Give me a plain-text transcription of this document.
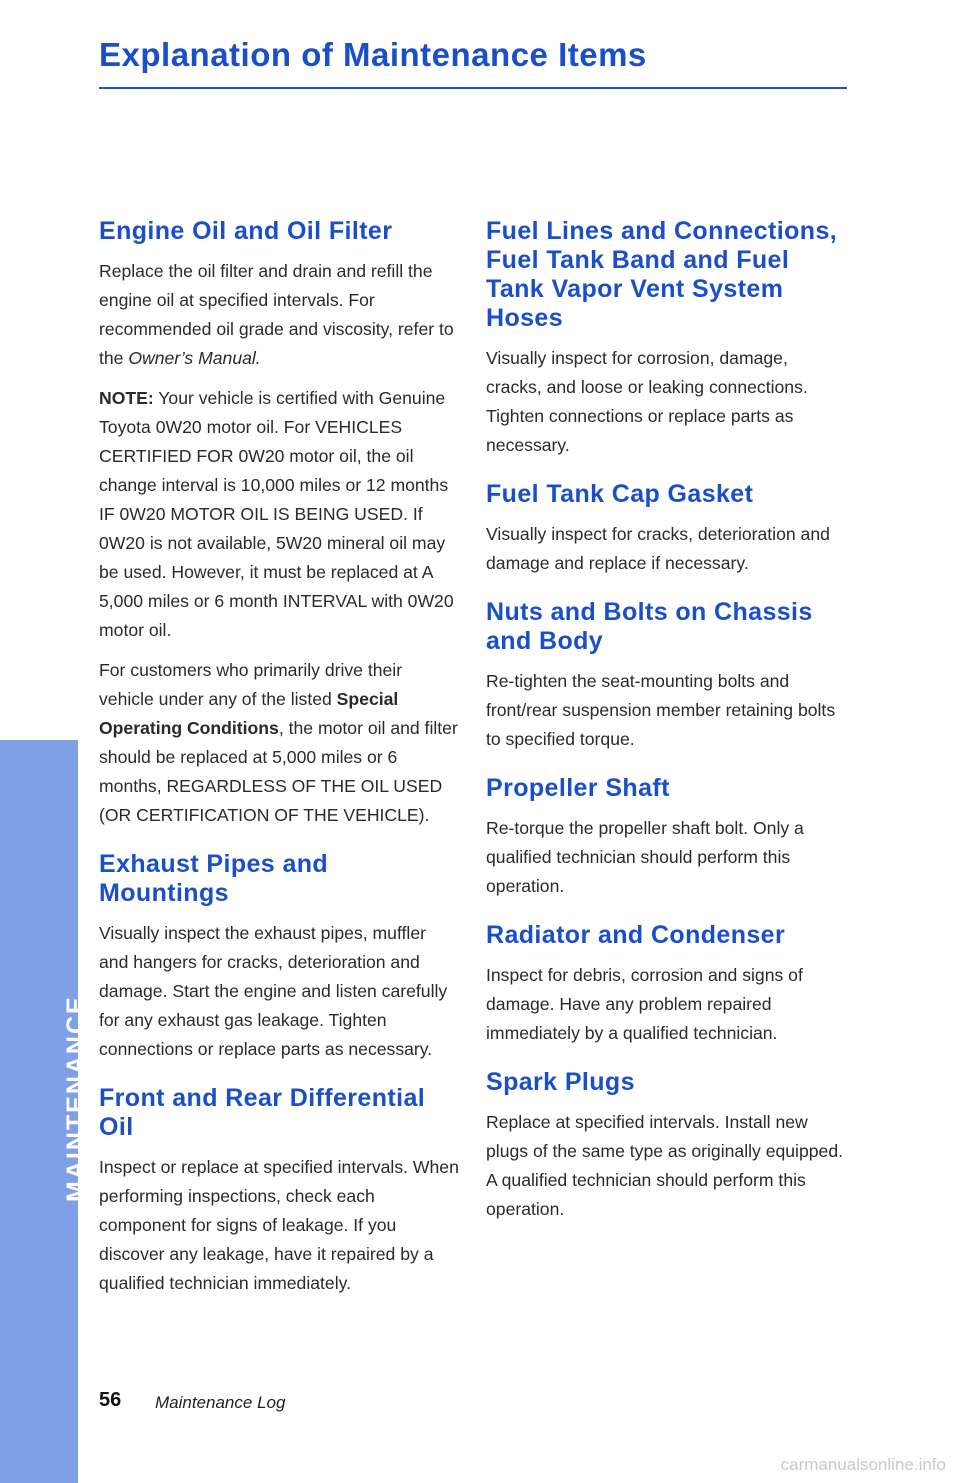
Explanation of Maintenance Items
MAINTENANCE
Engine Oil and Oil Filter

Replace the oil filter and drain and refill the engine oil at specified intervals. For recommended oil grade and viscosity, refer to the Owner’s Manual.

NOTE: Your vehicle is certified with Genuine Toyota 0W20 motor oil. For VEHICLES CERTIFIED FOR 0W20 motor oil, the oil change interval is 10,000 miles or 12 months IF 0W20 MOTOR OIL IS BEING USED. If 0W20 is not available, 5W20 mineral oil may be used. However, it must be replaced at A 5,000 miles or 6 month INTERVAL with 0W20 motor oil.

For customers who primarily drive their vehicle under any of the listed Special Operating Conditions, the motor oil and filter should be replaced at 5,000 miles or 6 months, REGARDLESS OF THE OIL USED (OR CERTIFICATION OF THE VEHICLE).

Exhaust Pipes and Mountings

Visually inspect the exhaust pipes, muffler and hangers for cracks, deterioration and damage. Start the engine and listen carefully for any exhaust gas leakage. Tighten connections or replace parts as necessary.

Front and Rear Differential Oil

Inspect or replace at specified intervals. When performing inspections, check each component for signs of leakage. If you discover any leakage, have it repaired by a qualified technician immediately.

Fuel Lines and Connections, Fuel Tank Band and Fuel Tank Vapor Vent System Hoses

Visually inspect for corrosion, damage, cracks, and loose or leaking connections. Tighten connections or replace parts as necessary.

Fuel Tank Cap Gasket

Visually inspect for cracks, deterioration and damage and replace if necessary.

Nuts and Bolts on Chassis and Body

Re-tighten the seat-mounting bolts and front/rear suspension member retaining bolts to specified torque.

Propeller Shaft

Re-torque the propeller shaft bolt. Only a qualified technician should perform this operation.

Radiator and Condenser

Inspect for debris, corrosion and signs of damage. Have any problem repaired immediately by a qualified technician.

Spark Plugs

Replace at specified intervals. Install new plugs of the same type as originally equipped. A qualified technician should perform this operation.

56 Maintenance Log
carmanualsonline.info
